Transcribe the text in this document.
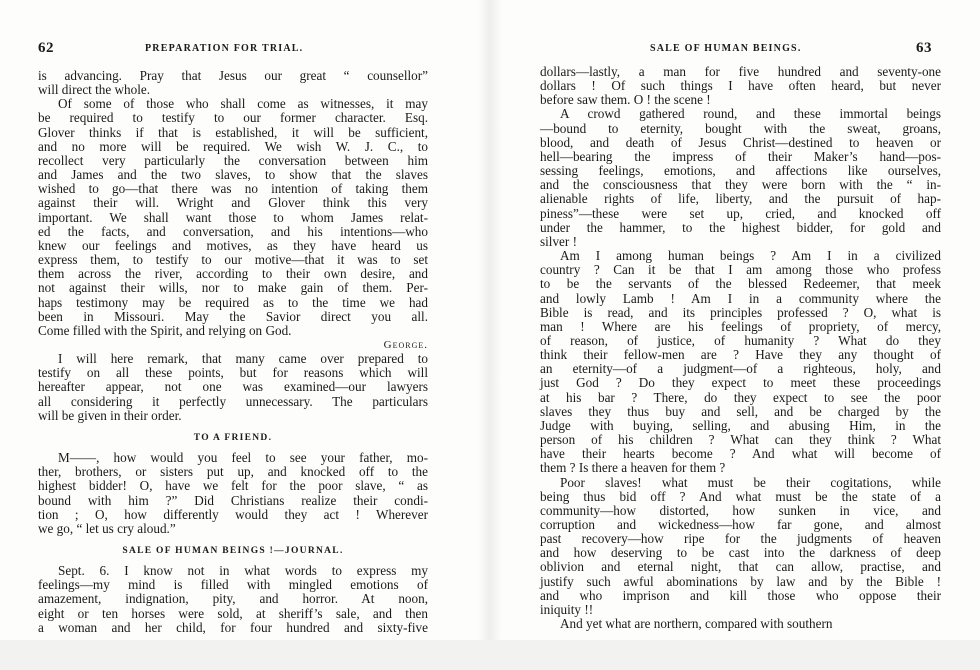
62	PREPARATION FOR TRIAL.
is advancing. Pray that Jesus our great “ counsellor”
will direct the whole.
Of some of those who shall come as witnesses, it may
be required to testify to our former character. Esq.
Glover thinks if that is established, it will be sufficient,
and no more will be required. We wish W. J. C., to
recollect very particularly the conversation between him
and James and the two slaves, to show that the slaves
wished to go—that there was no intention of taking them
against their will. Wright and Glover think this very
important. We shall want those to whom James relat-
ed the facts, and conversation, and his intentions—who
knew our feelings and motives, as they have heard us
express them, to testify to our motive—that it was to set
them across the river, according to their own desire, and
not against their wills, nor to make gain of them. Per-
haps testimony may be required as to the time we had
been in Missouri. May the Savior direct you all.
Come filled with the Spirit, and relying on God.
George.
I will here remark, that many came over prepared to
testify on all these points, but for reasons which will
hereafter appear, not one was examined—our lawyers
all considering it perfectly unnecessary. The particulars
will be given in their order.
TO A FRIEND.
M——, how would you feel to see your father, mo-
ther, brothers, or sisters put up, and knocked off to the
highest bidder! O, have we felt for the poor slave, “ as
bound with him ?” Did Christians realize their condi-
tion ; O, how differently would they act ! Wherever
we go, “ let us cry aloud.”
SALE OF HUMAN BEINGS !—JOURNAL.
Sept. 6. I know not in what words to express my
feelings—my mind is filled with mingled emotions of
amazement, indignation, pity, and horror. At noon,
eight or ten horses were sold, at sheriff’s sale, and then
a woman and her child, for four hundred and sixty-five
SALE OF HUMAN BEINGS.	63
dollars—lastly, a man for five hundred and seventy-one
dollars ! Of such things I have often heard, but never
before saw them. O ! the scene !
A crowd gathered round, and these immortal beings
—bound to eternity, bought with the sweat, groans,
blood, and death of Jesus Christ—destined to heaven or
hell—bearing the impress of their Maker’s hand—pos-
sessing feelings, emotions, and affections like ourselves,
and the consciousness that they were born with the “ in-
alienable rights of life, liberty, and the pursuit of hap-
piness”—these were set up, cried, and knocked off
under the hammer, to the highest bidder, for gold and
silver !
Am I among human beings ? Am I in a civilized
country ? Can it be that I am among those who profess
to be the servants of the blessed Redeemer, that meek
and lowly Lamb ! Am I in a community where the
Bible is read, and its principles professed ? O, what is
man ! Where are his feelings of propriety, of mercy,
of reason, of justice, of humanity ? What do they
think their fellow-men are ? Have they any thought of
an eternity—of a judgment—of a righteous, holy, and
just God ? Do they expect to meet these proceedings
at his bar ? There, do they expect to see the poor
slaves they thus buy and sell, and be charged by the
Judge with buying, selling, and abusing Him, in the
person of his children ? What can they think ? What
have their hearts become ? And what will become of
them ? Is there a heaven for them ?
Poor slaves! what must be their cogitations, while
being thus bid off ? And what must be the state of a
community—how distorted, how sunken in vice, and
corruption and wickedness—how far gone, and almost
past recovery—how ripe for the judgments of heaven
and how deserving to be cast into the darkness of deep
oblivion and eternal night, that can allow, practise, and
justify such awful abominations by law and by the Bible !
and who imprison and kill those who oppose their
iniquity !!
And yet what are northern, compared with southern
